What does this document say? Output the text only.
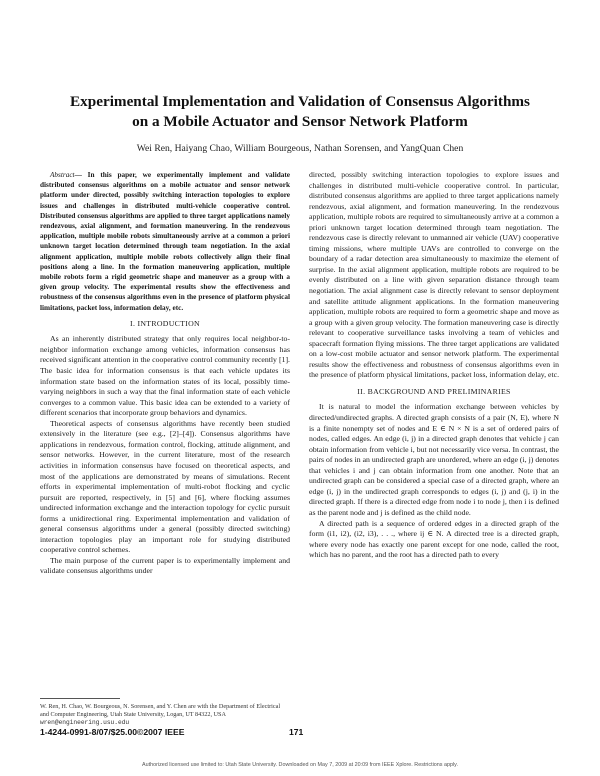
Experimental Implementation and Validation of Consensus Algorithms
on a Mobile Actuator and Sensor Network Platform
Wei Ren, Haiyang Chao, William Bourgeous, Nathan Sorensen, and YangQuan Chen

Abstract— In this paper, we experimentally implement and validate distributed consensus algorithms on a mobile actuator and sensor network platform under directed, possibly switching interaction topologies to explore issues and challenges in distributed multi-vehicle cooperative control. Distributed consensus algorithms are applied to three target applications namely rendezvous, axial alignment, and formation maneuvering. In the rendezvous application, multiple mobile robots simultaneously arrive at a common a priori unknown target location determined through team negotiation. In the axial alignment application, multiple mobile robots collectively align their final positions along a line. In the formation maneuvering application, multiple mobile robots form a rigid geometric shape and maneuver as a group with a given group velocity. The experimental results show the effectiveness and robustness of the consensus algorithms even in the presence of platform physical limitations, packet loss, information delay, etc.

I. INTRODUCTION

As an inherently distributed strategy that only requires local neighbor-to-neighbor information exchange among vehicles, information consensus has received significant attention in the cooperative control community recently [1]. The basic idea for information consensus is that each vehicle updates its information state based on the information states of its local, possibly time-varying neighbors in such a way that the final information state of each vehicle converges to a common value. This basic idea can be extended to a variety of different scenarios that incorporate group behaviors and dynamics.

Theoretical aspects of consensus algorithms have recently been studied extensively in the literature (see e.g., [2]–[4]). Consensus algorithms have applications in rendezvous, formation control, flocking, attitude alignment, and sensor networks. However, in the current literature, most of the research activities in information consensus have focused on theoretical aspects, and most of the applications are demonstrated by means of simulations. Recent efforts in experimental implementation of multi-robot flocking and cyclic pursuit are reported, respectively, in [5] and [6], where flocking assumes undirected information exchange and the interaction topology for cyclic pursuit forms a unidirectional ring. Experimental implementation and validation of general consensus algorithms under a general (possibly directed switching) interaction topologies play an important role for studying distributed cooperative control schemes.

The main purpose of the current paper is to experimentally implement and validate consensus algorithms under

directed, possibly switching interaction topologies to explore issues and challenges in distributed multi-vehicle cooperative control. In particular, distributed consensus algorithms are applied to three target applications namely rendezvous, axial alignment, and formation maneuvering. In the rendezvous application, multiple robots are required to simultaneously arrive at a common a priori unknown target location determined through team negotiation. The rendezvous case is directly relevant to unmanned air vehicle (UAV) cooperative timing missions, where multiple UAVs are controlled to converge on the boundary of a radar detection area simultaneously to maximize the element of surprise. In the axial alignment application, multiple robots are required to be evenly distributed on a line with given separation distance through team negotiation. The axial alignment case is directly relevant to sensor deployment and satellite attitude alignment applications. In the formation maneuvering application, multiple robots are required to form a geometric shape and move as a group with a given group velocity. The formation maneuvering case is directly relevant to cooperative surveillance tasks involving a team of vehicles and spacecraft formation flying missions. The three target applications are validated on a low-cost mobile actuator and sensor network platform. The experimental results show the effectiveness and robustness of consensus algorithms even in the presence of platform physical limitations, packet loss, information delay, etc.

II. BACKGROUND AND PRELIMINARIES

It is natural to model the information exchange between vehicles by directed/undirected graphs. A directed graph consists of a pair (N, E), where N is a finite nonempty set of nodes and E ∈ N × N is a set of ordered pairs of nodes, called edges. An edge (i, j) in a directed graph denotes that vehicle j can obtain information from vehicle i, but not necessarily vice versa. In contrast, the pairs of nodes in an undirected graph are unordered, where an edge (i, j) denotes that vehicles i and j can obtain information from one another. Note that an undirected graph can be considered a special case of a directed graph, where an edge (i, j) in the undirected graph corresponds to edges (i, j) and (j, i) in the directed graph. If there is a directed edge from node i to node j, then i is defined as the parent node and j is defined as the child node.

A directed path is a sequence of ordered edges in a directed graph of the form (i1, i2), (i2, i3), . . ., where ij ∈ N. A directed tree is a directed graph, where every node has exactly one parent except for one node, called the root, which has no parent, and the root has a directed path to every

W. Ren, H. Chao, W. Bourgeous, N. Sorensen, and Y. Chen are with the Department of Electrical and Computer Engineering, Utah State University, Logan, UT 84322, USA wren@engineering.usu.edu
1-4244-0991-8/07/$25.00©2007 IEEE	171
Authorized licensed use limited to: Utah State University. Downloaded on May 7, 2009 at 20:09 from IEEE Xplore. Restrictions apply.
